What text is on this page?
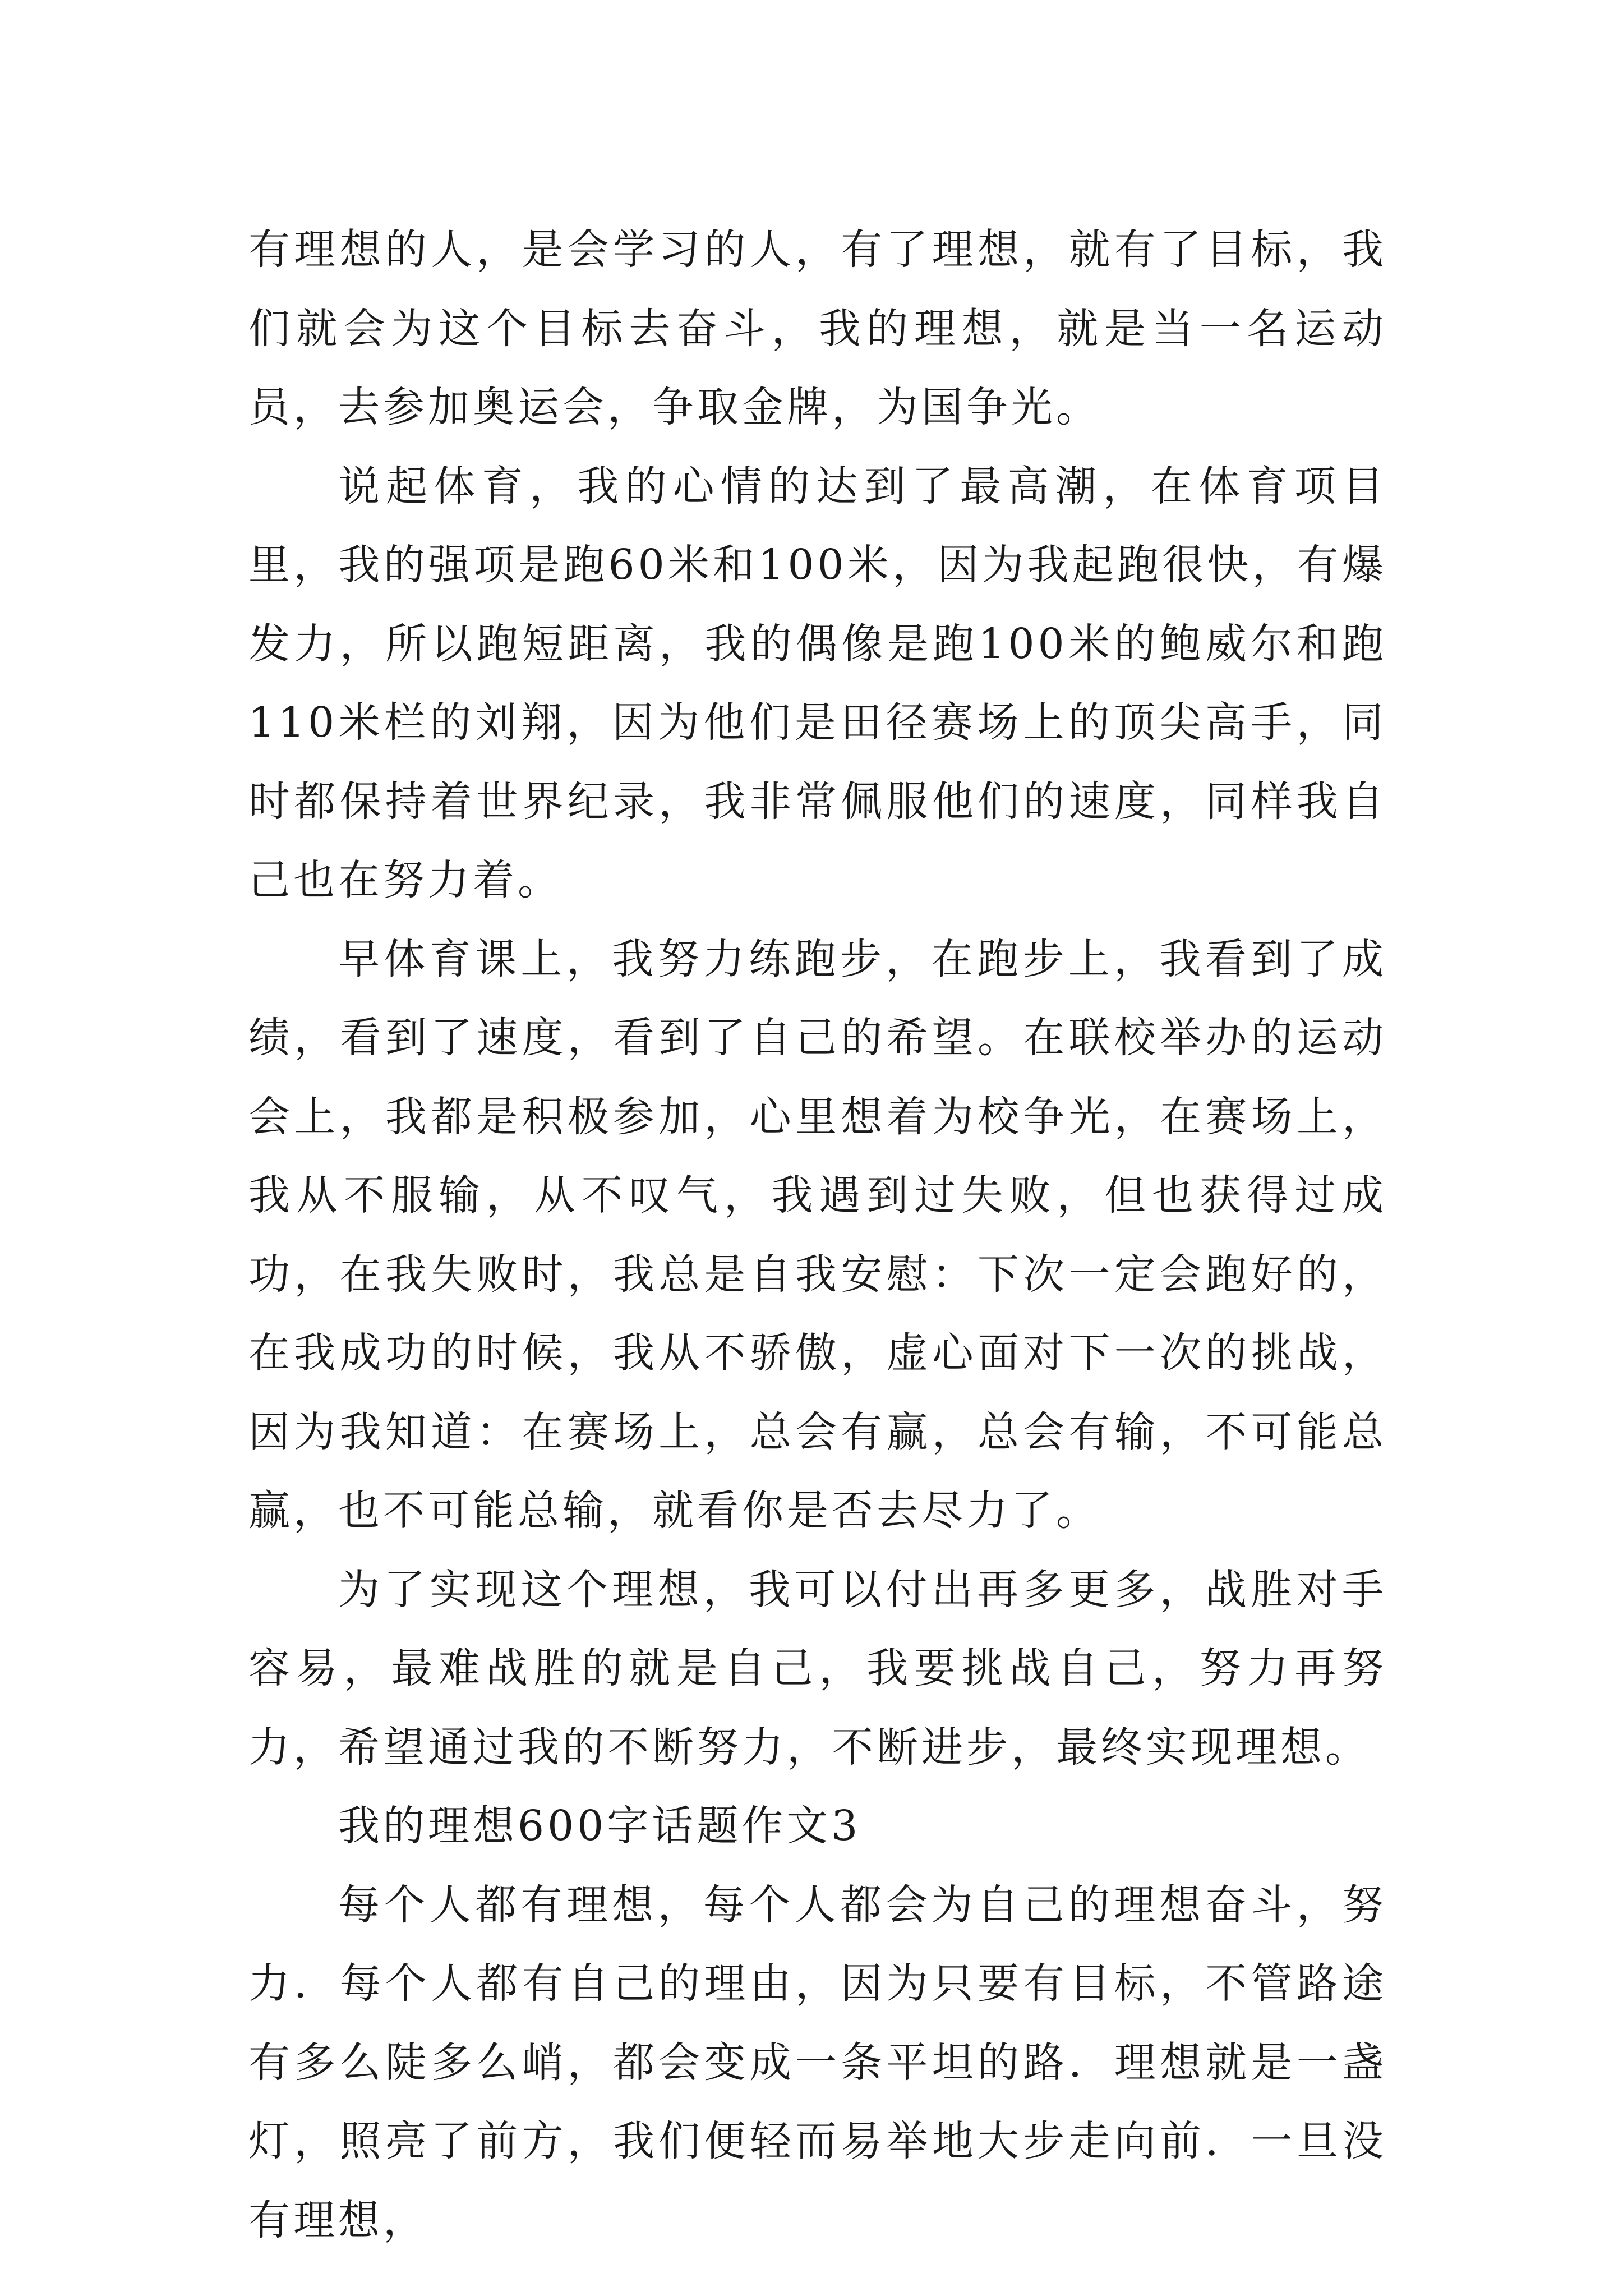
有理想的人，是会学习的人，有了理想，就有了目标，我们就会为这个目标去奋斗，我的理想，就是当一名运动员，去参加奥运会，争取金牌，为国争光。

说起体育，我的心情的达到了最高潮，在体育项目里，我的强项是跑60米和100米，因为我起跑很快，有爆发力，所以跑短距离，我的偶像是跑100米的鲍威尔和跑110米栏的刘翔，因为他们是田径赛场上的顶尖高手，同时都保持着世界纪录，我非常佩服他们的速度，同样我自己也在努力着。

早体育课上，我努力练跑步，在跑步上，我看到了成绩，看到了速度，看到了自己的希望。在联校举办的运动会上，我都是积极参加，心里想着为校争光，在赛场上，我从不服输，从不叹气，我遇到过失败，但也获得过成功，在我失败时，我总是自我安慰：下次一定会跑好的，在我成功的时候，我从不骄傲，虚心面对下一次的挑战，因为我知道：在赛场上，总会有赢，总会有输，不可能总赢，也不可能总输，就看你是否去尽力了。

为了实现这个理想，我可以付出再多更多，战胜对手容易，最难战胜的就是自己，我要挑战自己，努力再努力，希望通过我的不断努力，不断进步，最终实现理想。

我的理想600字话题作文3

每个人都有理想，每个人都会为自己的理想奋斗，努力．每个人都有自己的理由，因为只要有目标，不管路途有多么陡多么峭，都会变成一条平坦的路．理想就是一盏灯，照亮了前方，我们便轻而易举地大步走向前．一旦没有理想，
